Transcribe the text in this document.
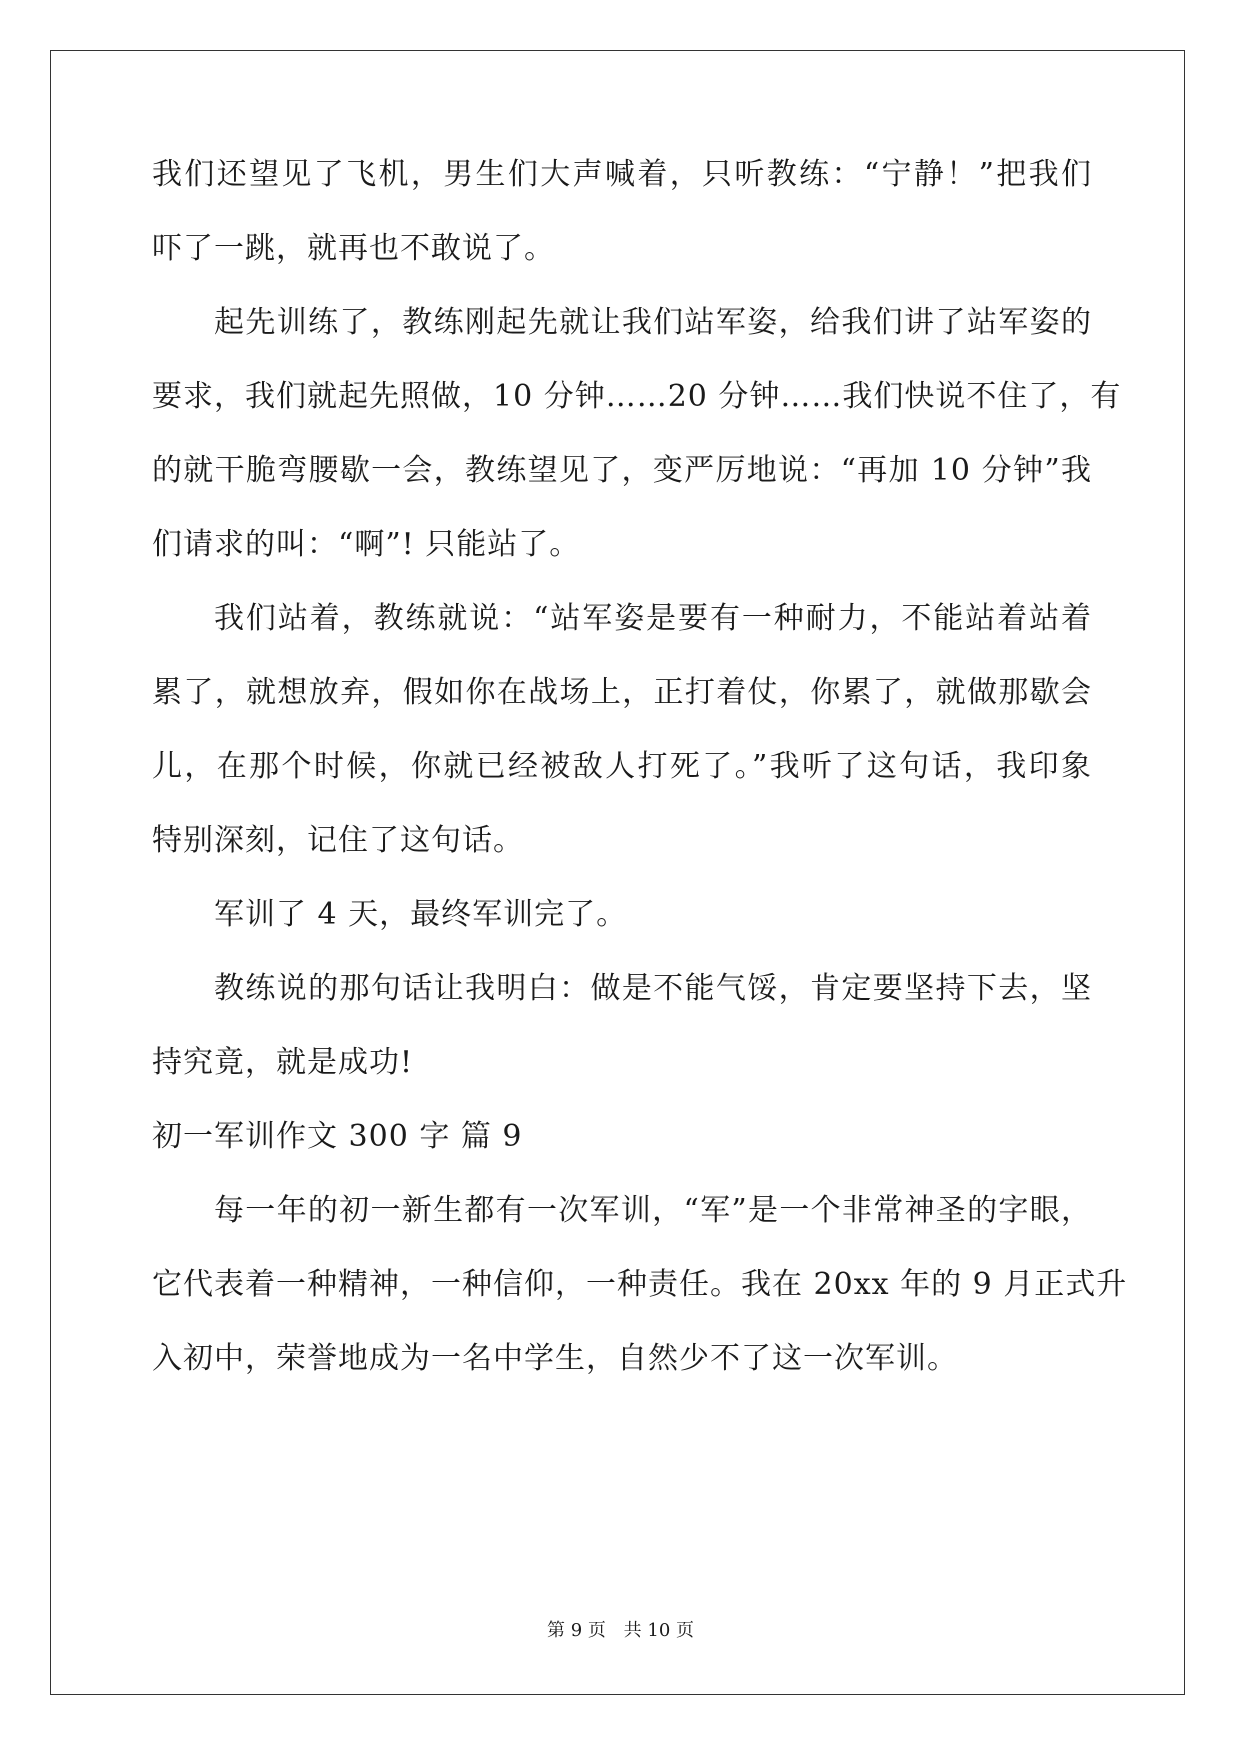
我们还望见了飞机，男生们大声喊着，只听教练：“宁静！”把我们
吓了一跳，就再也不敢说了。
起先训练了，教练刚起先就让我们站军姿，给我们讲了站军姿的
要求，我们就起先照做，10 分钟……20 分钟……我们快说不住了，有
的就干脆弯腰歇一会，教练望见了，变严厉地说：“再加 10 分钟”我
们请求的叫：“啊”! 只能站了。
我们站着，教练就说：“站军姿是要有一种耐力，不能站着站着
累了，就想放弃，假如你在战场上，正打着仗，你累了，就做那歇会
儿，在那个时候，你就已经被敌人打死了。”我听了这句话，我印象
特别深刻，记住了这句话。
军训了 4 天，最终军训完了。
教练说的那句话让我明白：做是不能气馁，肯定要坚持下去，坚
持究竟，就是成功!
初一军训作文 300 字 篇 9
每一年的初一新生都有一次军训，“军”是一个非常神圣的字眼，
它代表着一种精神，一种信仰，一种责任。我在 20xx 年的 9 月正式升
入初中，荣誉地成为一名中学生，自然少不了这一次军训。
第 9 页 共 10 页
